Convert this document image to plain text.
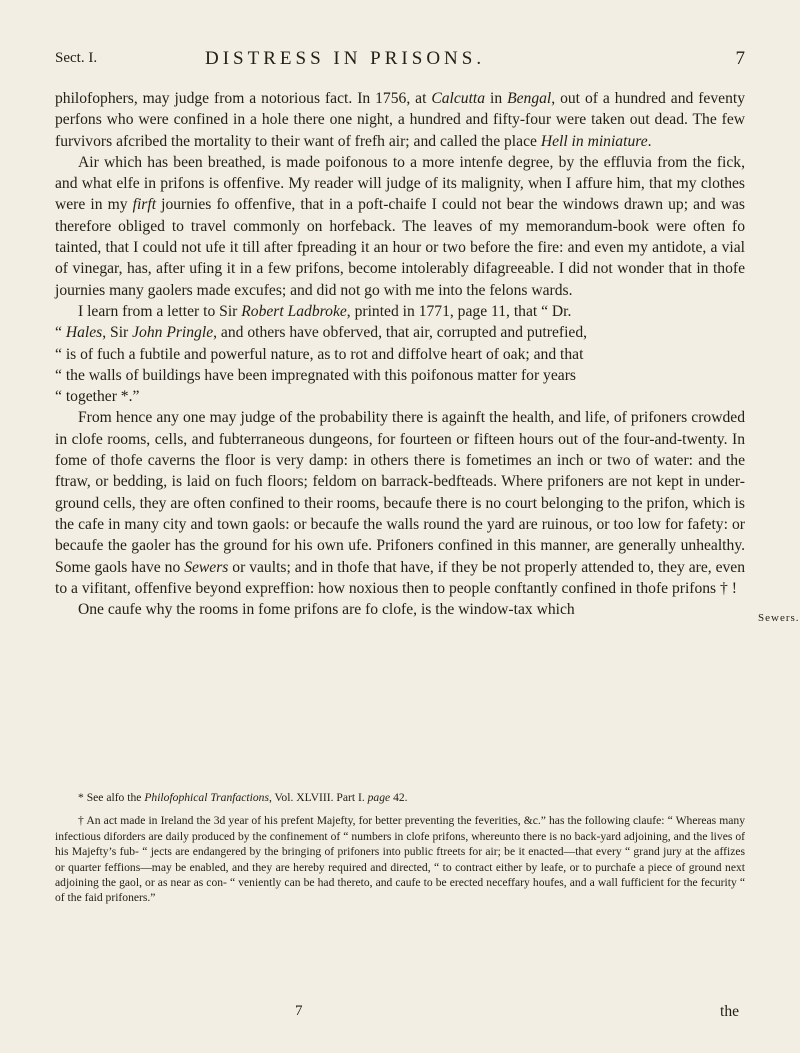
Sect. I.	DISTRESS IN PRISONS.	7

philofophers, may judge from a notorious fact. In 1756, at Calcutta in Bengal, out of a hundred and feventy perfons who were confined in a hole there one night, a hundred and fifty-four were taken out dead. The few furvivors afcribed the mortality to their want of frefh air; and called the place Hell in miniature.

Air which has been breathed, is made poifonous to a more intenfe degree, by the effluvia from the fick, and what elfe in prifons is offenfive. My reader will judge of its malignity, when I affure him, that my clothes were in my firft journies fo offenfive, that in a poft-chaife I could not bear the windows drawn up; and was therefore obliged to travel commonly on horfeback. The leaves of my memorandum-book were often fo tainted, that I could not ufe it till after fpreading it an hour or two before the fire: and even my antidote, a vial of vinegar, has, after ufing it in a few prifons, become intolerably difagreeable. I did not wonder that in thofe journies many gaolers made excufes; and did not go with me into the felons wards.

I learn from a letter to Sir Robert Ladbroke, printed in 1771, page 11, that “ Dr.
“ Hales, Sir John Pringle, and others have obferved, that air, corrupted and putrefied,
“ is of fuch a fubtile and powerful nature, as to rot and diffolve heart of oak; and that
“ the walls of buildings have been impregnated with this poifonous matter for years
“ together *.”

From hence any one may judge of the probability there is againft the health, and life, of prifoners crowded in clofe rooms, cells, and fubterraneous dungeons, for fourteen or fifteen hours out of the four-and-twenty. In fome of thofe caverns the floor is very damp: in others there is fometimes an inch or two of water: and the ftraw, or bedding, is laid on fuch floors; feldom on barrack-bedfteads. Where prifoners are not kept in under-ground cells, they are often confined to their rooms, becaufe there is no court belonging to the prifon, which is the cafe in many city and town gaols: or becaufe the walls round the yard are ruinous, or too low for fafety: or becaufe the gaoler has the ground for his own ufe. Prifoners confined in this manner, are generally unhealthy. Some gaols have no Sewers or vaults; and in thofe that have, if they be not properly attended to, they are, even to a vifitant, offenfive beyond expreffion: how noxious then to people conftantly confined in thofe prifons † !

One caufe why the rooms in fome prifons are fo clofe, is the window-tax which	Sewers.

* See alfo the Philofophical Tranfactions, Vol. XLVIII. Part I. page 42.

† An act made in Ireland the 3d year of his prefent Majefty, for better preventing the feverities, &c.” has the following claufe: “ Whereas many infectious diforders are daily produced by the confinement of “ numbers in clofe prifons, whereunto there is no back-yard adjoining, and the lives of his Majefty’s fub- “ jects are endangered by the bringing of prifoners into public ftreets for air; be it enacted—that every “ grand jury at the affizes or quarter feffions—may be enabled, and they are hereby required and directed, “ to contract either by leafe, or to purchafe a piece of ground next adjoining the gaol, or as near as con- “ veniently can be had thereto, and caufe to be erected neceffary houfes, and a wall fufficient for the fecurity “ of the faid prifoners.”

7	the
